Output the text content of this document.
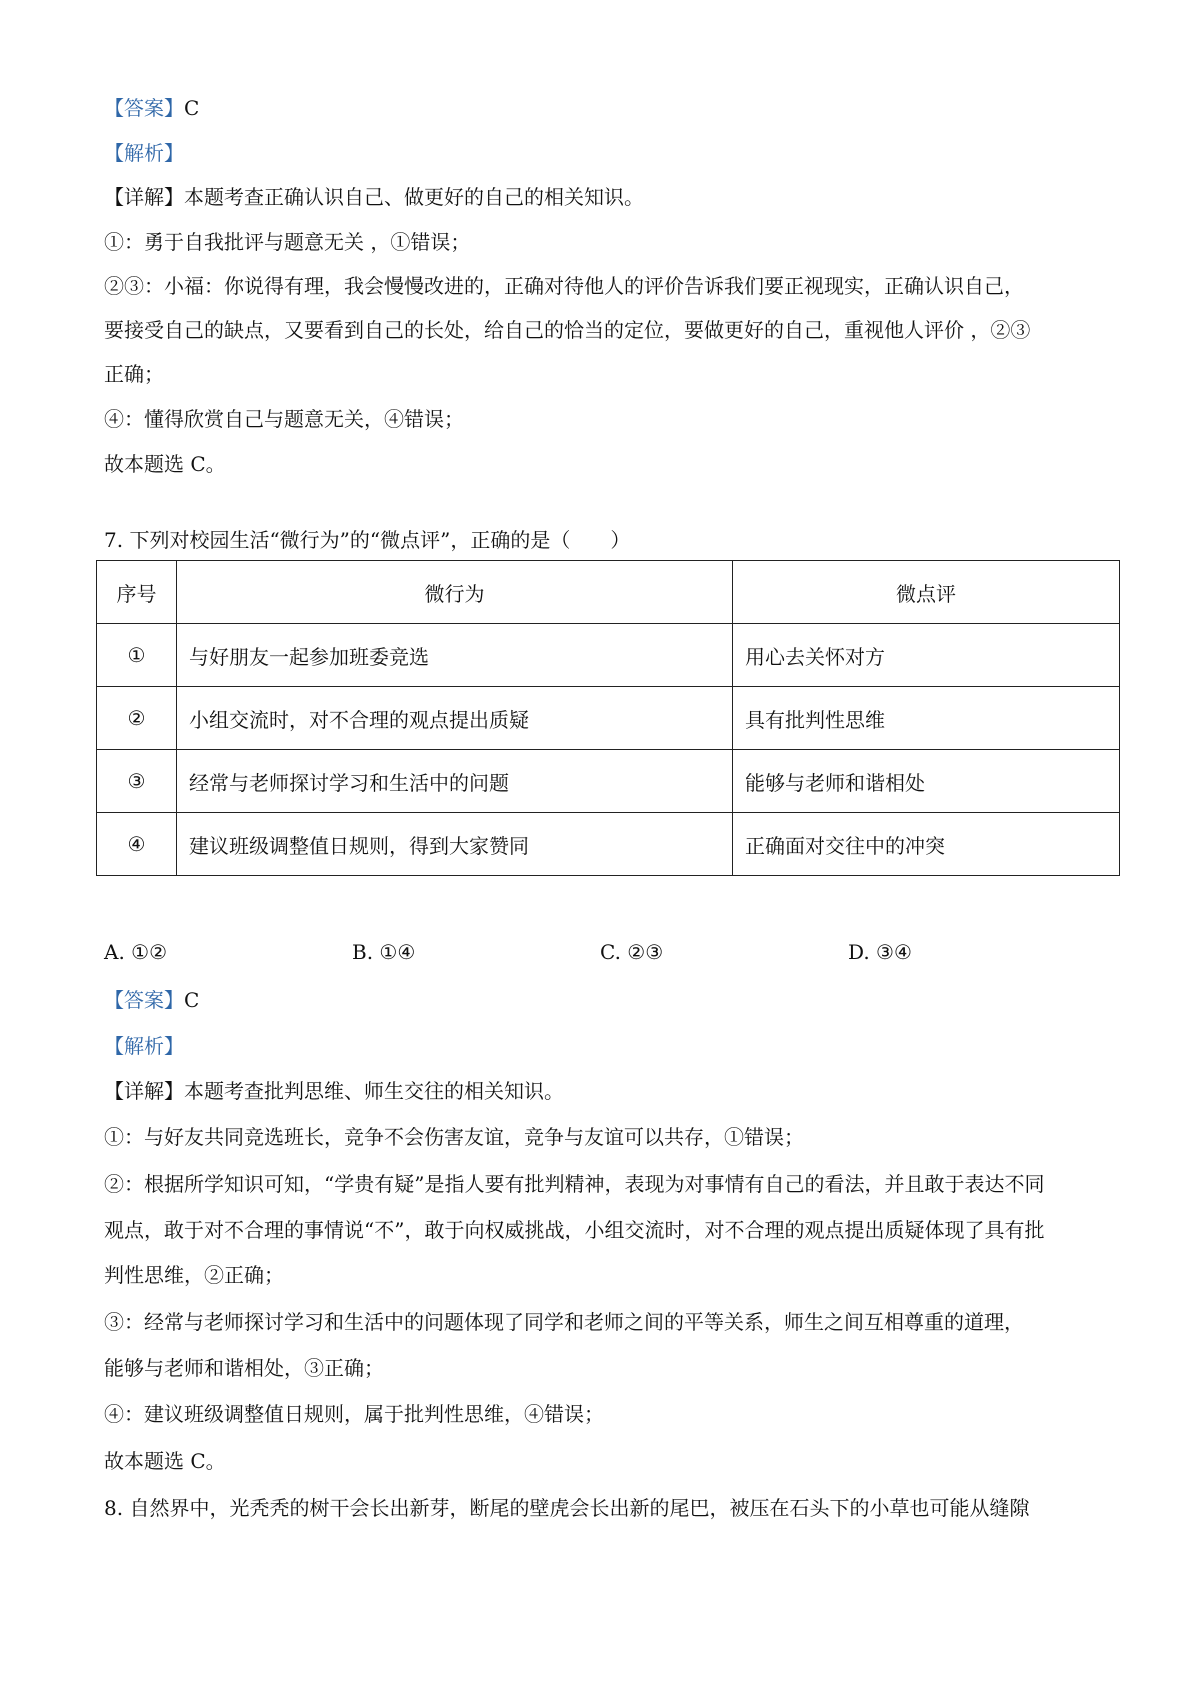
【答案】C
【解析】
【详解】本题考查正确认识自己、做更好的自己的相关知识。
①：勇于自我批评与题意无关 ，①错误；
②③：小福：你说得有理，我会慢慢改进的，正确对待他人的评价告诉我们要正视现实，正确认识自己，
要接受自己的缺点，又要看到自己的长处，给自己的恰当的定位，要做更好的自己，重视他人评价 ，②③
正确；
④：懂得欣赏自己与题意无关，④错误；
故本题选 C。
7. 下列对校园生活“微行为”的“微点评”，正确的是（　　）
序号	微行为	微点评
①	与好朋友一起参加班委竞选	用心去关怀对方
②	小组交流时，对不合理的观点提出质疑	具有批判性思维
③	经常与老师探讨学习和生活中的问题	能够与老师和谐相处
④	建议班级调整值日规则，得到大家赞同	正确面对交往中的冲突
A. ①②	B. ①④	C. ②③	D. ③④
【答案】C
【解析】
【详解】本题考查批判思维、师生交往的相关知识。
①：与好友共同竞选班长，竞争不会伤害友谊，竞争与友谊可以共存，①错误；
②：根据所学知识可知，“学贵有疑”是指人要有批判精神，表现为对事情有自己的看法，并且敢于表达不同
观点，敢于对不合理的事情说“不”，敢于向权威挑战，小组交流时，对不合理的观点提出质疑体现了具有批
判性思维，②正确；
③：经常与老师探讨学习和生活中的问题体现了同学和老师之间的平等关系，师生之间互相尊重的道理，
能够与老师和谐相处，③正确；
④：建议班级调整值日规则，属于批判性思维，④错误；
故本题选 C。
8. 自然界中，光秃秃的树干会长出新芽，断尾的壁虎会长出新的尾巴，被压在石头下的小草也可能从缝隙
